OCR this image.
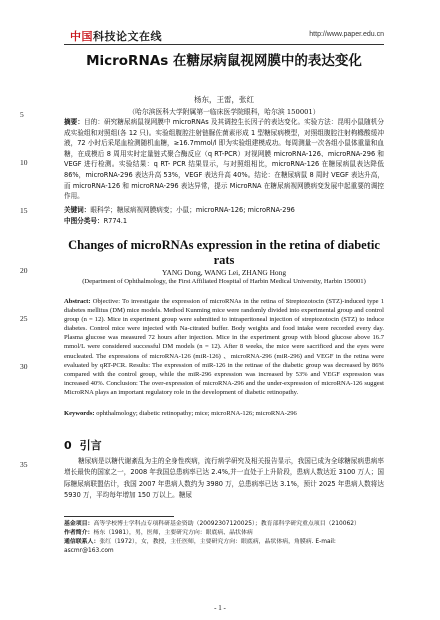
中国科技论文在线	http://www.paper.edu.cn
5
10
15
20
25
30
35
MicroRNAs 在糖尿病鼠视网膜中的表达变化
杨东，王雷，张红
（哈尔滨医科大学附属第一临床医学院眼科，哈尔滨 150001）
摘要：目的：研究糖尿病鼠视网膜中 microRNAs 及其调控生长因子的表达变化。实验方法：昆明小鼠随机分成实验组和对照组(各 12 只)。实验组腹腔注射链脲佐菌素形成 1 型糖尿病模型，对照组腹腔注射枸橼酸缓冲液，72 小时后采尾血检测随机血糖，≥16.7mmol/l 即为实验组建模成功。每周测量一次各组小鼠体重量和血糖，在成模后 8 周用实时定量链式聚合酶反应（q RT-PCR）对视网膜 microRNA-126、microRNA-296 和 VEGF 进行检测。实验结果：q RT- PCR 结果显示，与对照组相比，microRNA-126 在糖尿病鼠表达降低 86%，microRNA-296 表达升高 53%，VEGF 表达升高 40%。结论：在糖尿病鼠 8 周时 VEGF 表达升高，而 microRNA-126 和 microRNA-296 表达异常，提示 MicroRNA 在糖尿病视网膜病变发展中起重要的调控作用。
关键词：眼科学；糖尿病视网膜病变；小鼠；microRNA-126; microRNA-296
中图分类号：R774.1
Changes of microRNAs expression in the retina of diabetic rats
YANG Dong, WANG Lei, ZHANG Hong
(Department of Ophthalmology, the First Affiliated Hospital of Harbin Medical University, Harbin 150001)
Abstract: Objective: To investigate the expression of microRNAs in the retina of Streptozotocin (STZ)-induced type 1 diabetes mellitus (DM) mice models. Method Kunming mice were randomly divided into experimental group and control group (n = 12). Mice in experiment group were submitted to intraperitoneal injection of streptozotocin (STZ) to induce diabetes. Control mice were injected with Na-citrated buffer. Body weights and food intake were recorded every day. Plasma glucose was measured 72 hours after injection. Mice in the experiment group with blood glucose above 16.7 mmol/L were considered successful DM models (n = 12). After 8 weeks, the mice were sacrificed and the eyes were enucleated. The expressions of microRNA-126 (miR-126) 、microRNA-296 (miR-296) and VEGF in the retina were evaluated by qRT-PCR. Results: The expression of miR-126 in the retinae of the diabetic group was decreased by 86% compared with the control group, while the miR-296 expression was increased by 53% and VEGF expression was increased 40%. Conclusion: The over-expression of microRNA-296 and the under-expression of microRNA-126 suggest MicroRNA plays an important regulatory role in the development of diabetic retinopathy.
Keywords: ophthalmology; diabetic retinopathy; mice; microRNA-126; microRNA-296
0 引言
糖尿病是以糖代谢紊乱为主的全身性疾病，流行病学研究及相关报告显示，我国已成为全球糖尿病患病率增长最快的国家之一，2008 年我国总患病率已达 2.4%,并一直处于上升阶段，患病人数达近 3100 万人；国际糖尿病联盟估计，我国 2007 年患病人数约为 3980 万，总患病率已达 3.1%，预计 2025 年患病人数将达 5930 万，平均每年增加 150 万以上。糖尿
基金项目：高等学校博士学科点专项科研基金资助（20092307120025）；教育部科学研究重点项目（210062）
作者简介：杨东（1981），男，医师，主要研究方向：眼底病、晶状体病
通信联系人：张红（1972），女，教授，主任医师，主要研究方向：眼底病，晶状体病，角膜病. E-mail: ascmr@163.com
- 1 -
